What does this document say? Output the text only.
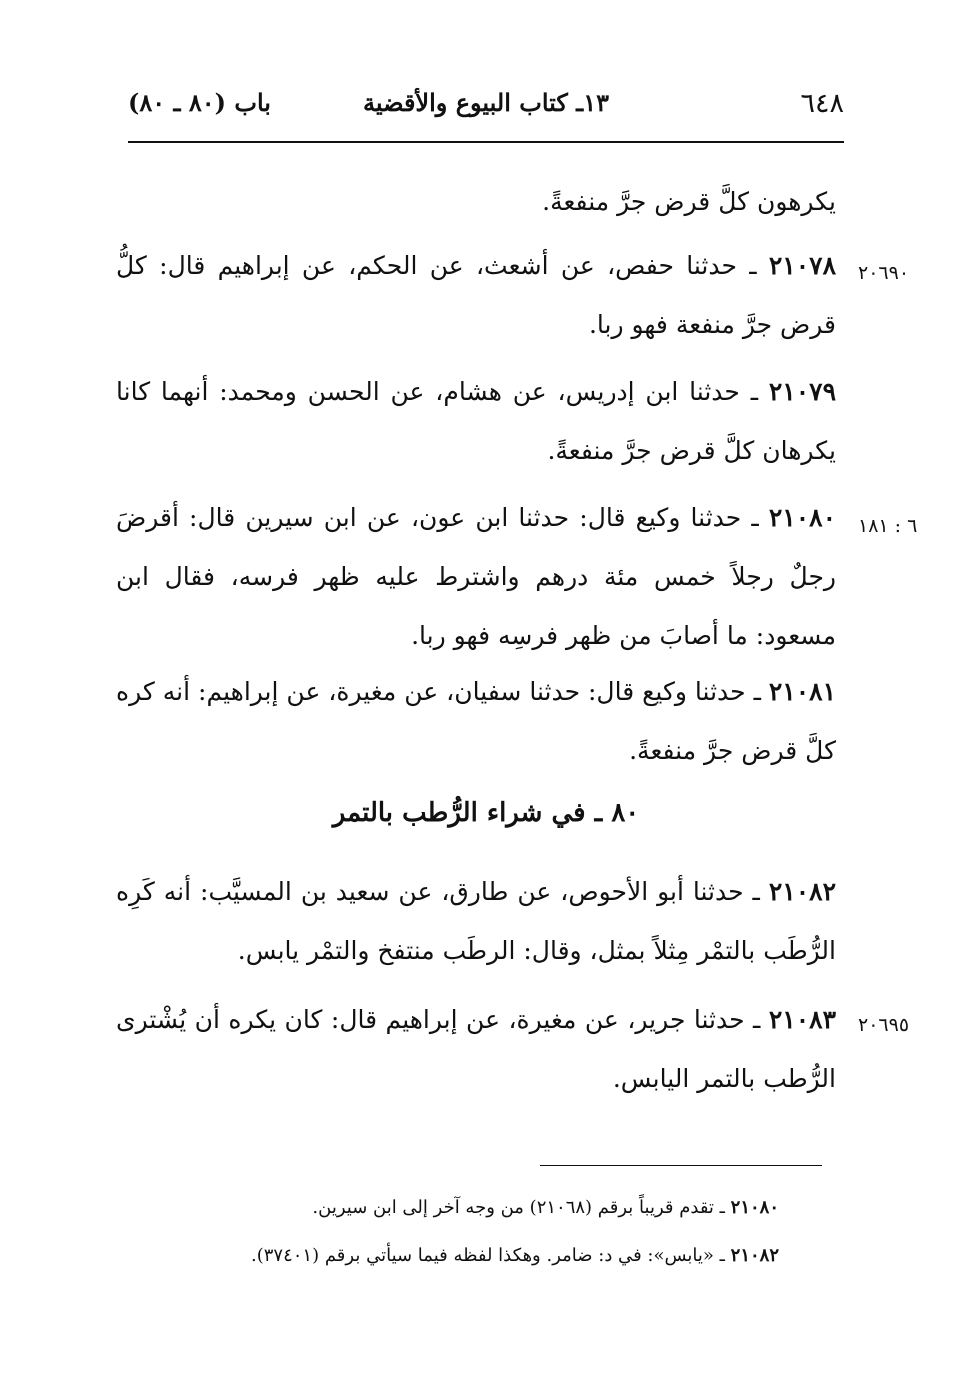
٦٤٨
١٣ـ كتاب البيوع والأقضية
باب (٨٠ ـ ٨٠)
يكرهون كلَّ قرض جرَّ منفعةً.
٢٠٦٩٠
٢١٠٧٨ ـ حدثنا حفص، عن أشعث، عن الحكم، عن إبراهيم قال: كلُّ قرض جرَّ منفعة فهو ربا.
٢١٠٧٩ ـ حدثنا ابن إدريس، عن هشام، عن الحسن ومحمد: أنهما كانا يكرهان كلَّ قرض جرَّ منفعةً.
٦ : ١٨١
٢١٠٨٠ ـ حدثنا وكيع قال: حدثنا ابن عون، عن ابن سيرين قال: أقرضَ رجلٌ رجلاً خمس مئة درهم واشترط عليه ظهر فرسه، فقال ابن مسعود: ما أصابَ من ظهر فرسِه فهو ربا.
٢١٠٨١ ـ حدثنا وكيع قال: حدثنا سفيان، عن مغيرة، عن إبراهيم: أنه كره كلَّ قرض جرَّ منفعةً.
٨٠ ـ في شراء الرُّطب بالتمر
٢١٠٨٢ ـ حدثنا أبو الأحوص، عن طارق، عن سعيد بن المسيَّب: أنه كَرِه الرُّطَب بالتمْر مِثلاً بمثل، وقال: الرطَب منتفخ والتمْر يابس.
٢٠٦٩٥
٢١٠٨٣ ـ حدثنا جرير، عن مغيرة، عن إبراهيم قال: كان يكره أن يُشْترى الرُّطب بالتمر اليابس.
٢١٠٨٠ ـ تقدم قريباً برقم (٢١٠٦٨) من وجه آخر إلى ابن سيرين.
٢١٠٨٢ ـ «يابس»: في د: ضامر. وهكذا لفظه فيما سيأتي برقم (٣٧٤٠١).
